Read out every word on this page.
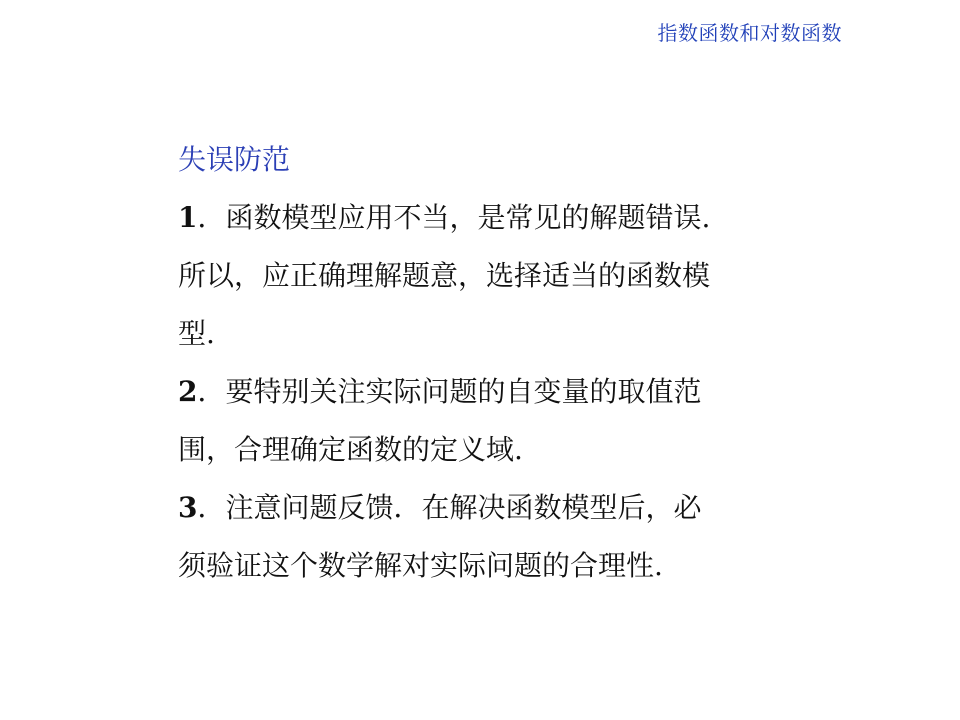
指数函数和对数函数
失误防范
1．函数模型应用不当，是常见的解题错误.
所以，应正确理解题意，选择适当的函数模
型.
2．要特别关注实际问题的自变量的取值范
围，合理确定函数的定义域.
3．注意问题反馈．在解决函数模型后，必
须验证这个数学解对实际问题的合理性.
